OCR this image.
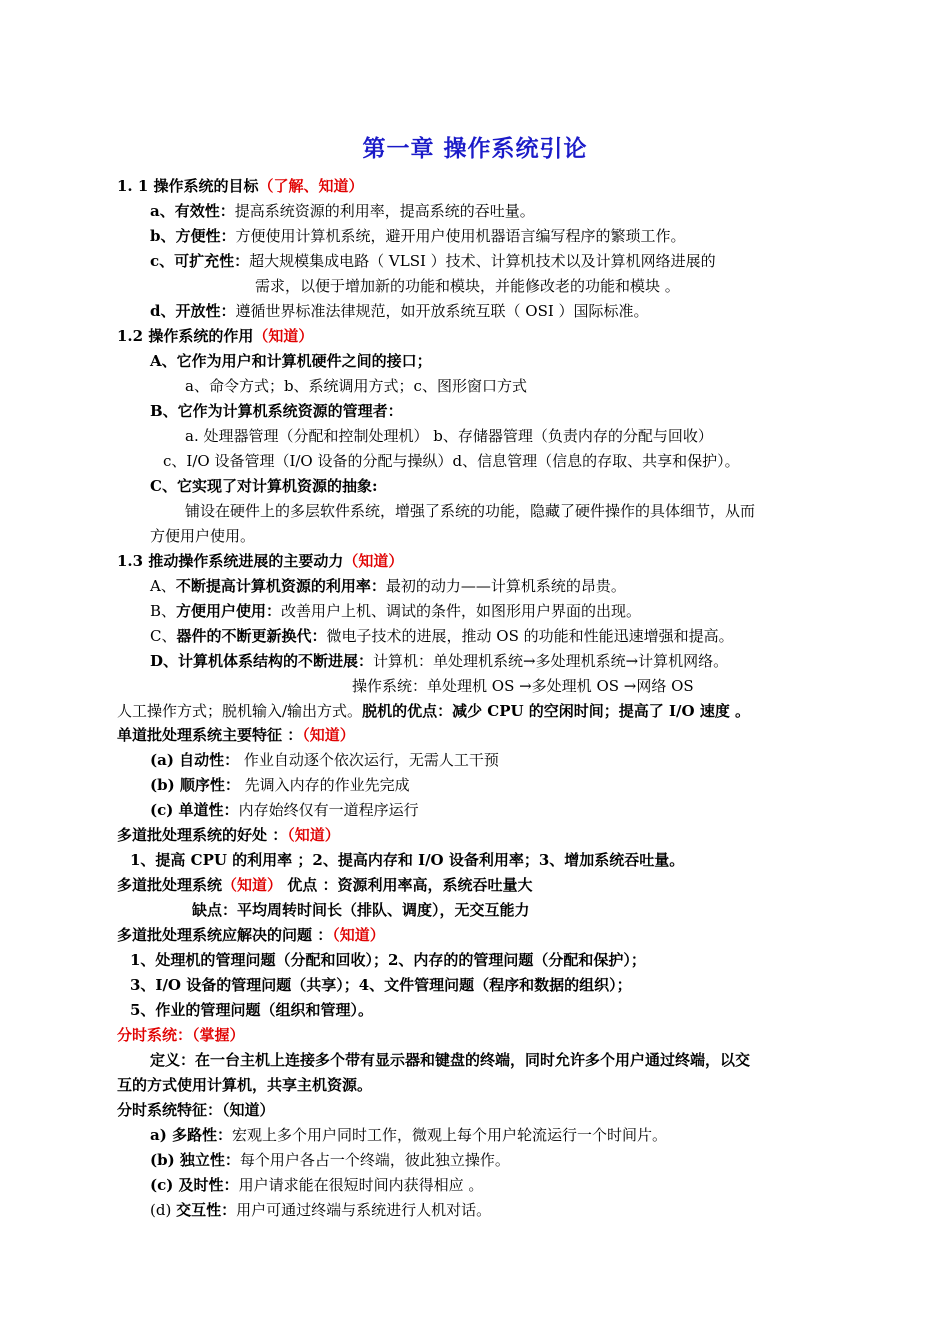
第一章 操作系统引论
1. 1 操作系统的目标（了解、知道）
a、有效性：提高系统资源的利用率，提高系统的吞吐量。
b、方便性：方便使用计算机系统，避开用户使用机器语言编写程序的繁琐工作。
c、可扩充性：超大规模集成电路（ VLSI ）技术、计算机技术以及计算机网络进展的
需求，以便于增加新的功能和模块，并能修改老的功能和模块 。
d、开放性：遵循世界标准法律规范，如开放系统互联（ OSI ）国际标准。
1.2 操作系统的作用（知道）
A、它作为用户和计算机硬件之间的接口；
a、命令方式；b、系统调用方式；c、图形窗口方式
B、它作为计算机系统资源的管理者：
a. 处理器管理（分配和控制处理机） b、存储器管理（负责内存的分配与回收）
c、I/O 设备管理（I/O 设备的分配与操纵）d、信息管理（信息的存取、共享和保护）。
C、它实现了对计算机资源的抽象:
铺设在硬件上的多层软件系统，增强了系统的功能，隐藏了硬件操作的具体细节，从而
方便用户使用。
1.3 推动操作系统进展的主要动力（知道）
A、不断提高计算机资源的利用率：最初的动力——计算机系统的昂贵。
B、方便用户使用：改善用户上机、调试的条件，如图形用户界面的出现。
C、器件的不断更新换代：微电子技术的进展，推动 OS 的功能和性能迅速增强和提高。
D、计算机体系结构的不断进展：计算机：单处理机系统→多处理机系统→计算机网络。
操作系统：单处理机 OS →多处理机 OS →网络 OS
人工操作方式；脱机输入/输出方式。脱机的优点：减少 CPU 的空闲时间；提高了 I/O 速度 。
单道批处理系统主要特征 ：（知道）
(a) 自动性： 作业自动逐个依次运行，无需人工干预
(b) 顺序性： 先调入内存的作业先完成
(c) 单道性：内存始终仅有一道程序运行
多道批处理系统的好处 ：（知道）
1、提高 CPU 的利用率 ；2、提高内存和 I/O 设备利用率；3、增加系统吞吐量。
多道批处理系统（知道） 优点 ：资源利用率高，系统吞吐量大
缺点：平均周转时间长（排队、调度），无交互能力
多道批处理系统应解决的问题 ：（知道）
1、处理机的管理问题（分配和回收）；2、内存的的管理问题（分配和保护）；
3、I/O 设备的管理问题（共享）；4、文件管理问题（程序和数据的组织）；
5、作业的管理问题（组织和管理）。
分时系统：（掌握）
定义：在一台主机上连接多个带有显示器和键盘的终端，同时允许多个用户通过终端，以交
互的方式使用计算机，共享主机资源。
分时系统特征：（知道）
a) 多路性：宏观上多个用户同时工作，微观上每个用户轮流运行一个时间片。
(b) 独立性：每个用户各占一个终端，彼此独立操作。
(c) 及时性：用户请求能在很短时间内获得相应 。
(d) 交互性：用户可通过终端与系统进行人机对话。
